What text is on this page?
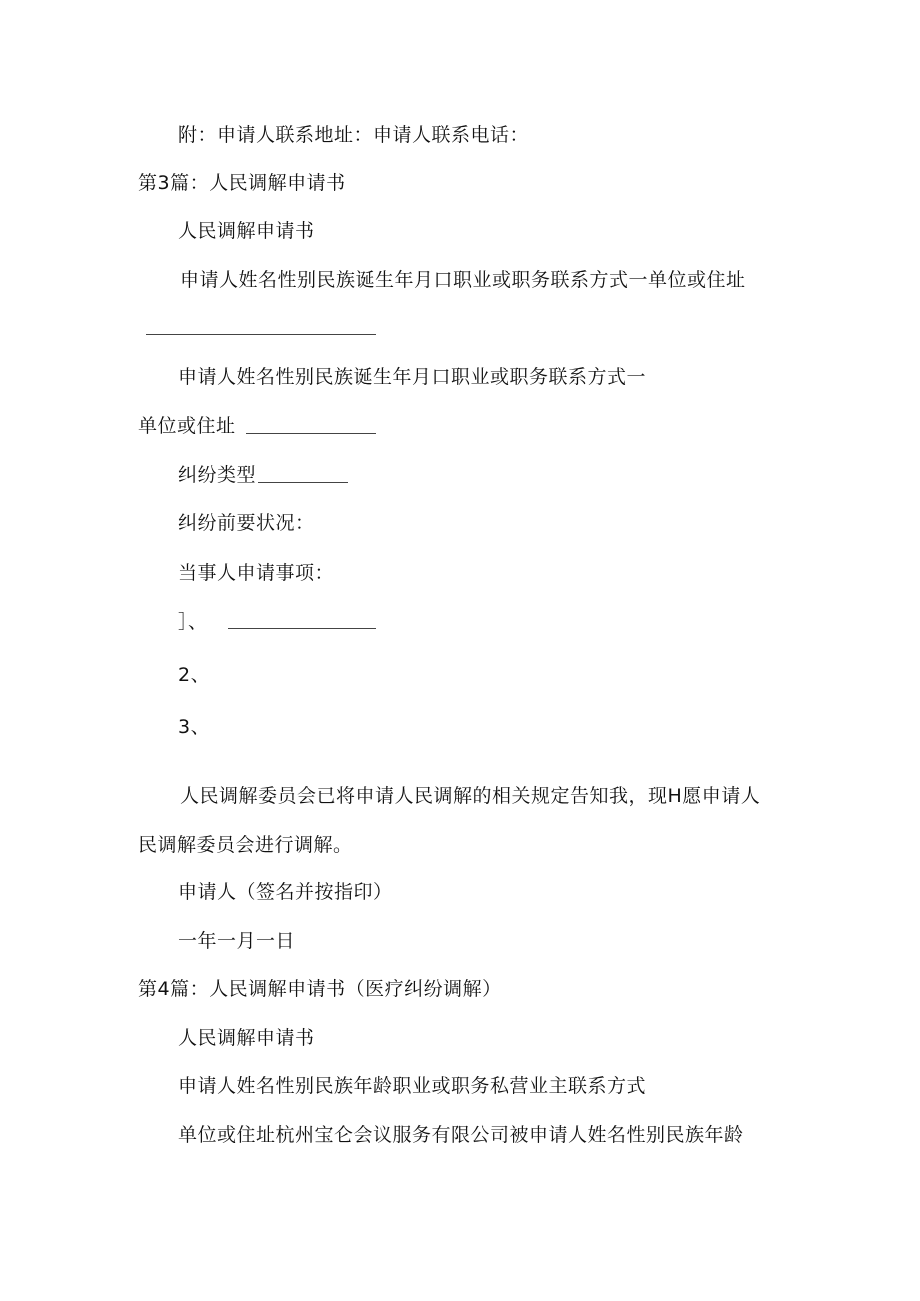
附：申请人联系地址：申请人联系电话：
第3篇：人民调解申请书
人民调解申请书
申请人姓名性别民族诞生年月口职业或职务联系方式一单位或住址
申请人姓名性别民族诞生年月口职业或职务联系方式一
单位或住址
纠纷类型
纠纷前要状况：
当事人申请事项：
］、
2、
3、
人民调解委员会已将申请人民调解的相关规定告知我，现H愿申请人
民调解委员会进行调解。
申请人（签名并按指印）
一年一月一日
第4篇：人民调解申请书（医疗纠纷调解）
人民调解申请书
申请人姓名性别民族年龄职业或职务私营业主联系方式
单位或住址杭州宝仑会议服务有限公司被申请人姓名性别民族年龄
